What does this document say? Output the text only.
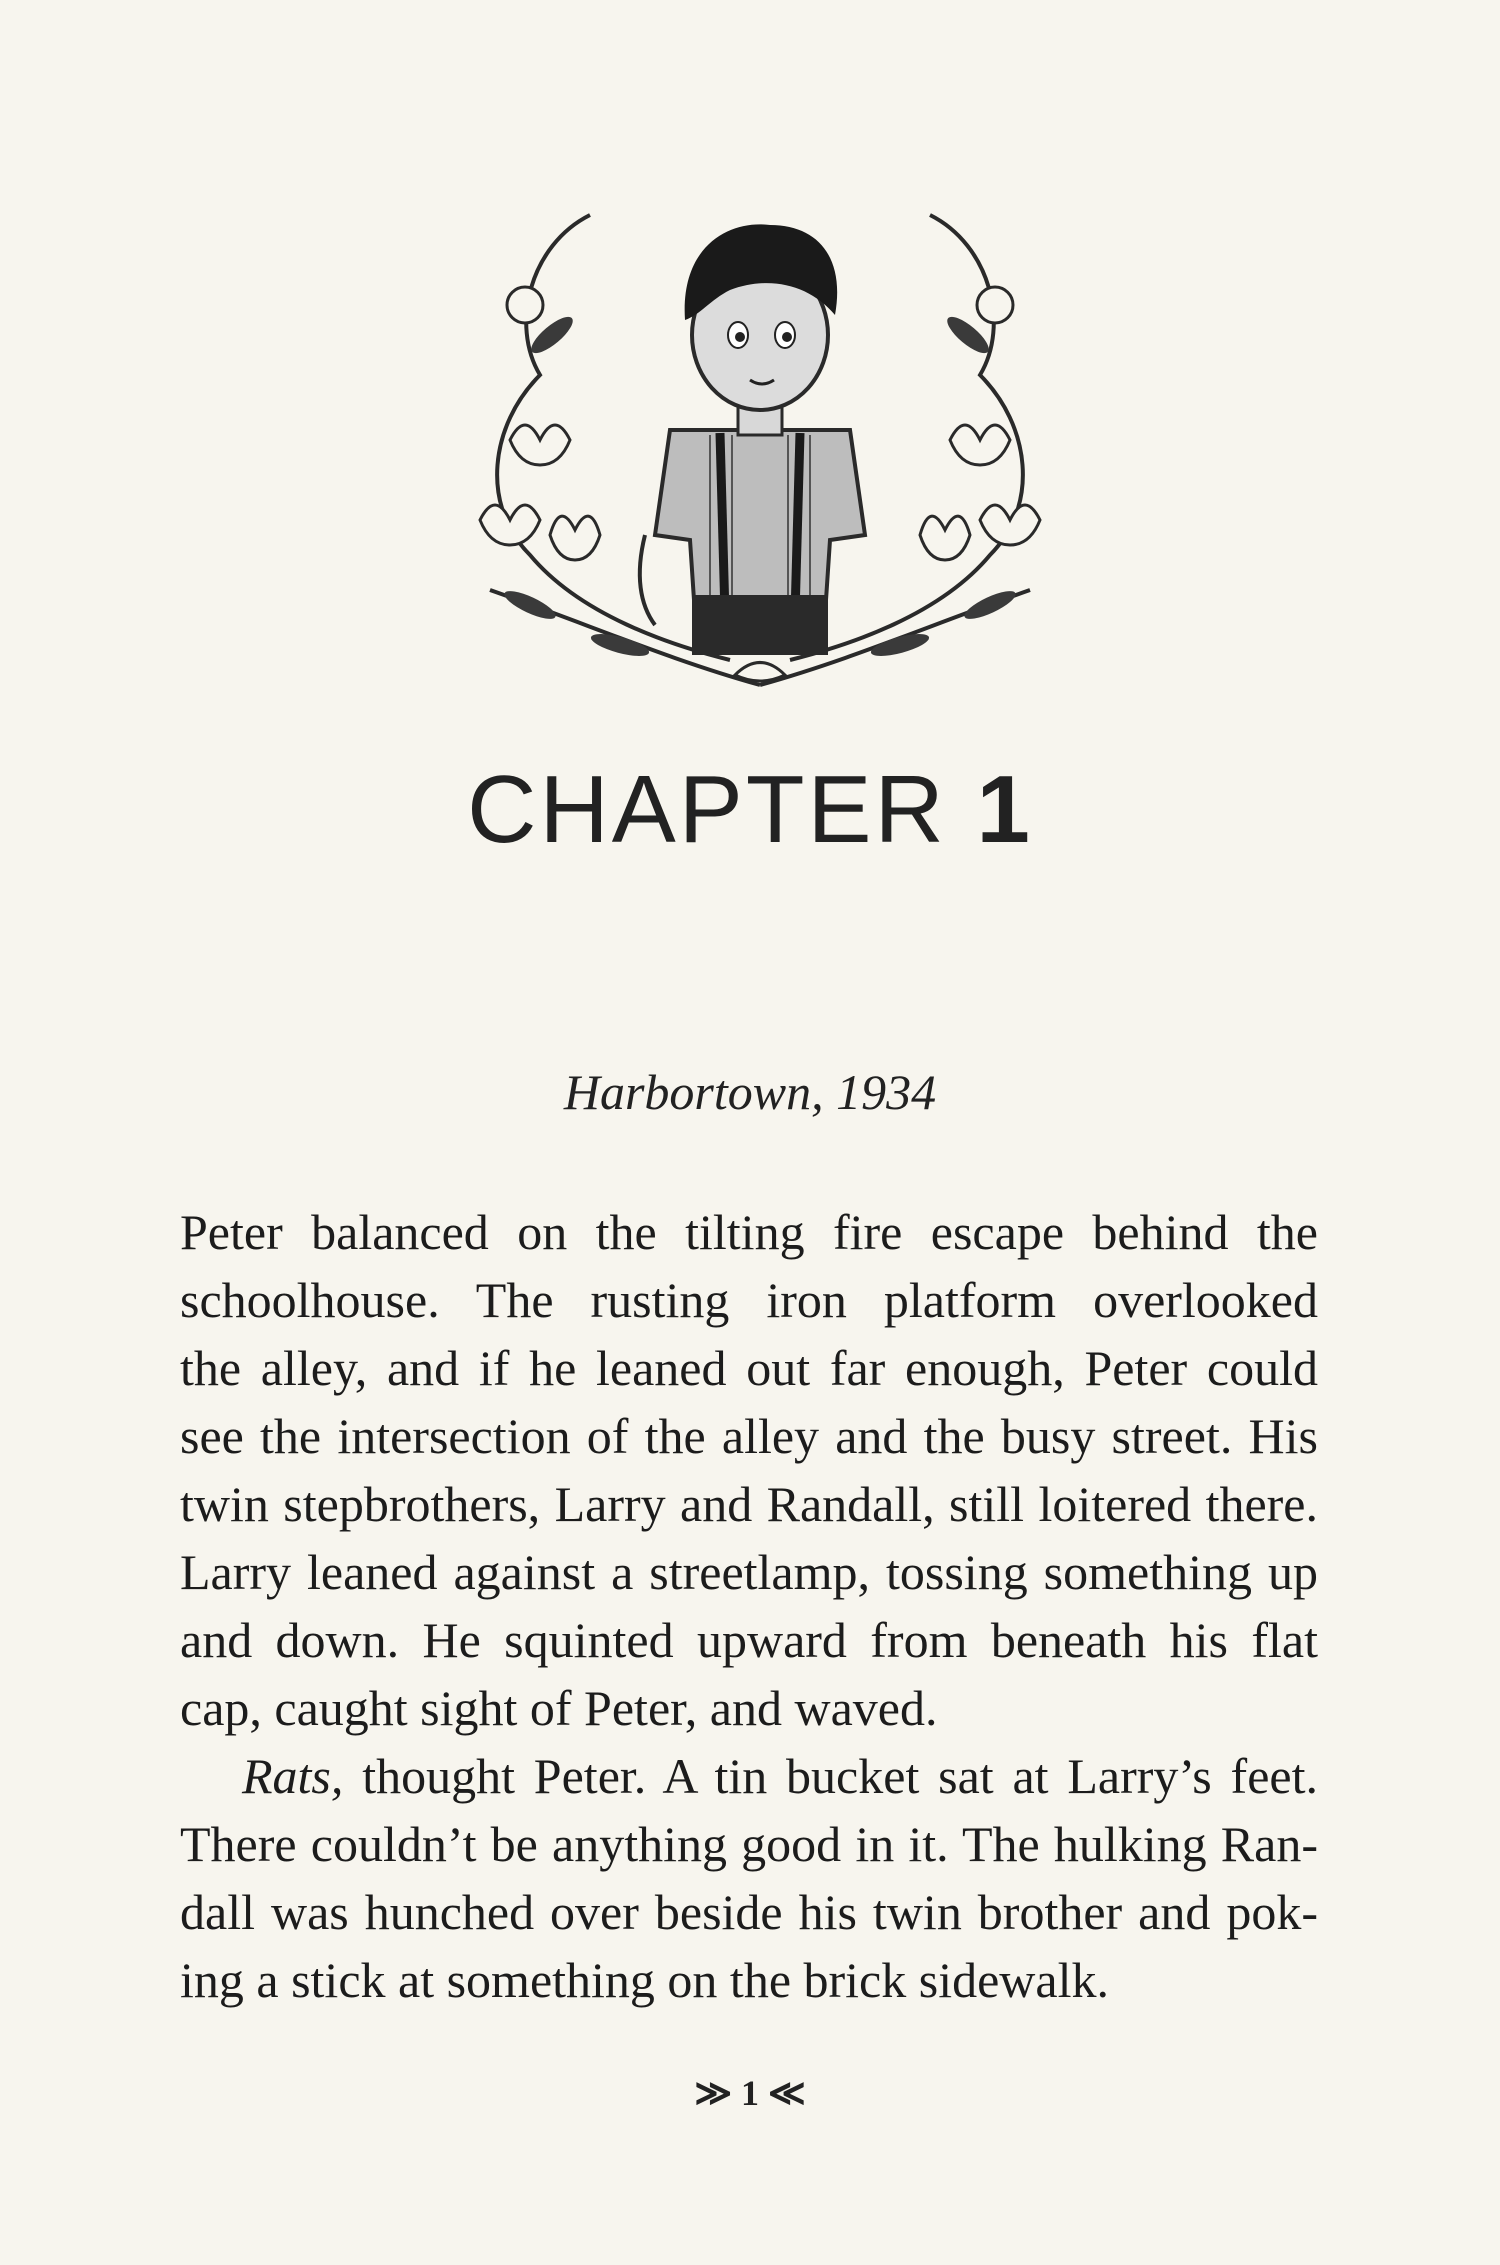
CHAPTER 1
Harbortown, 1934
Peter balanced on the tilting fire escape behind the
schoolhouse. The rusting iron platform overlooked
the alley, and if he leaned out far enough, Peter could
see the intersection of the alley and the busy street. His
twin stepbrothers, Larry and Randall, still loitered there.
Larry leaned against a streetlamp, tossing something up
and down. He squinted upward from beneath his flat
cap, caught sight of Peter, and waved.
Rats, thought Peter. A tin bucket sat at Larry’s feet.
There couldn’t be anything good in it. The hulking Ran-
dall was hunched over beside his twin brother and pok-
ing a stick at something on the brick sidewalk.
≫ 1 ≪
